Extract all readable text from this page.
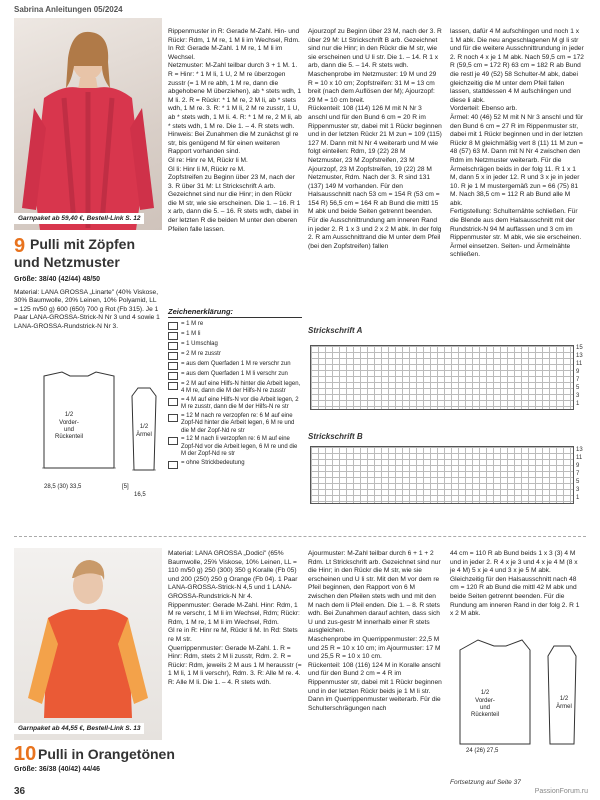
Sabrina Anleitungen 05/2024
Garnpaket ab 59,40 €, Bestell-Link S. 12
9 Pulli mit Zöpfen
und Netzmuster

Größe: 38/40 (42/44) 48/50

Material: LANA GROSSA „Linarte" (40% Viskose, 30% Baumwolle, 20% Leinen, 10% Polyamid, LL = 125 m/50 g) 600 (650) 700 g Rot (Fb 315). Je 1 Paar LANA-GROSSA-Strick-N Nr 3 und 4 sowie 1 LANA-GROSSA-Rundstrick-N Nr 3.

1/2
Vorder-
und
Rückenteil
1/2
Ärmel
28,5 (30) 33,5	[5]
16,5
Rippenmuster in R: Gerade M-Zahl. Hin- und Rückr: Rdm, 1 M re, 1 M li im Wechsel, Rdm. In Rd: Gerade M-Zahl. 1 M re, 1 M li im Wechsel.
Netzmuster: M-Zahl teilbar durch 3 + 1 M. 1. R = Hinr: * 1 M li, 1 U, 2 M re überzogen zusstr (= 1 M re abh, 1 M re, dann die abgehobene M überziehen), ab * stets wdh, 1 M li. 2. R = Rückr: * 1 M re, 2 M li, ab * stets wdh, 1 M re. 3. R: * 1 M li, 2 M re zusstr, 1 U, ab * stets wdh, 1 M li. 4. R: * 1 M re, 2 M li, ab * stets wdh, 1 M re. Die 1. – 4. R stets wdh. Hinweis: Bei Zunahmen die M zunächst gl re str, bis genügend M für einen weiteren Rapport vorhanden sind.
Gl re: Hinr re M, Rückr li M.
Gl li: Hinr li M, Rückr re M.
Zopfstreifen zu Beginn über 23 M, nach der 3. R über 31 M: Lt Strickschrift A arb. Gezeichnet sind nur die Hinr; in den Rückr die M str, wie sie erscheinen. Die 1. – 16. R 1 x arb, dann die 5. – 16. R stets wdh, dabei in der letzten R die beiden M unter den oberen Pfeilen falle lassen.
Zeichenerklärung:
= 1 M re
= 1 M li
= 1 Umschlag
= 2 M re zusstr
= aus dem Querfaden 1 M re verschr zun
= aus dem Querfaden 1 M li verschr zun
= 2 M auf eine Hilfs-N hinter die Arbeit legen, 4 M re, dann die M der Hilfs-N re zusstr
= 4 M auf eine Hilfs-N vor die Arbeit legen, 2 M re zusstr, dann die M der Hilfs-N re str
= 12 M nach re verzopfen re: 6 M auf eine Zopf-Nd hinter die Arbeit legen, 6 M re und die M der Zopf-Nd re str
= 12 M nach li verzopfen re: 6 M auf eine Zopf-Nd vor die Arbeit legen, 6 M re und die M der Zopf-Nd re str
= ohne Strickbedeutung
Ajourzopf zu Beginn über 23 M, nach der 3. R über 29 M: Lt Strickschrift B arb. Gezeichnet sind nur die Hinr; in den Rückr die M str, wie sie erscheinen und U li str. Die 1. – 14. R 1 x arb, dann die 5. – 14. R stets wdh.
Maschenprobe im Netzmuster: 19 M und 29 R = 10 x 10 cm; Zopfstreifen: 31 M = 13 cm breit (nach dem Auflösen der M); Ajourzopf: 29 M = 10 cm breit.
Rückenteil: 108 (114) 126 M mit N Nr 3 anschl und für den Bund 6 cm = 20 R im Rippenmuster str, dabei mit 1 Rückr beginnen und in der letzten Rückr 21 M zun = 109 (115) 127 M. Dann mit N Nr 4 weiterarb und M wie folgt einteilen: Rdm, 19 (22) 28 M Netzmuster, 23 M Zopfstreifen, 23 M Ajourzopf, 23 M Zopfstreifen, 19 (22) 28 M Netzmuster, Rdm. Nach der 3. R sind 131 (137) 149 M vorhanden. Für den Halsausschnitt nach 53 cm = 154 R (53 cm = 154 R) 56,5 cm = 164 R ab Bund die mittl 15 M abk und beide Seiten getrennt beenden. Für die Ausschnittrundung am inneren Rand in jeder 2. R 1 x 3 und 2 x 2 M abk. In der folg 2. R am Ausschnittrand die M unter dem Pfeil (bei den Zopfstreifen) fallen
lassen, dafür 4 M aufschlingen und noch 1 x 1 M abk. Die neu angeschlagenen M gl li str und für die weitere Ausschnittrundung in jeder 2. R noch 4 x je 1 M abk. Nach 59,5 cm = 172 R (59,5 cm = 172 R) 63 cm = 182 R ab Bund die restl je 49 (52) 58 Schulter-M abk, dabei gleichzeitig die M unter dem Pfeil fallen lassen, stattdessen 4 M aufschlingen und diese li abk.
Vorderteil: Ebenso arb.
Ärmel: 40 (46) 52 M mit N Nr 3 anschl und für den Bund 6 cm = 27 R im Rippenmuster str, dabei mit 1 Rückr beginnen und in der letzten Rückr 8 M gleichmäßig vert 8 (11) 11 M zun = 48 (57) 63 M. Dann mit N Nr 4 zwischen den Rdm im Netzmuster weiterarb. Für die Ärmelschrägen beids in der folg 11. R 1 x 1 M, dann 5 x in jeder 12. R und 3 x je in jeder 10. R je 1 M mustergemäß zun = 66 (75) 81 M. Nach 38,5 cm = 112 R ab Bund alle M abk.
Fertigstellung: Schulternähte schließen. Für die Blende aus dem Halsausschnitt mit der Rundstrick-N 94 M auffassen und 3 cm im Rippenmuster str. M abk, wie sie erscheinen. Ärmel einsetzen. Seiten- und Ärmelnähte schließen.
Strickschrift A
15
13
11
9
7
5
3
1
Strickschrift B
13
11
9
7
5
3
1
Garnpaket ab 44,55 €, Bestell-Link S. 13
10 Pulli in Orangetönen
Größe: 36/38 (40/42) 44/46
Material: LANA GROSSA „Dodici" (65% Baumwolle, 25% Viskose, 10% Leinen, LL = 110 m/50 g) 250 (300) 350 g Koralle (Fb 05) und 200 (250) 250 g Orange (Fb 04). 1 Paar LANA-GROSSA-Strick-N 4,5 und 1 LANA-GROSSA-Rundstrick-N Nr 4.
Rippenmuster: Gerade M-Zahl. Hinr: Rdm, 1 M re verschr, 1 M li im Wechsel, Rdm; Rückr: Rdm, 1 M re, 1 M li im Wechsel, Rdm.
Gl re in R: Hinr re M, Rückr li M. In Rd: Stets re M str.
Querrippenmuster: Gerade M-Zahl. 1. R = Hinr: Rdm, stets 2 M li zusstr, Rdm. 2. R = Rückr: Rdm, jeweils 2 M aus 1 M herausstr (= 1 M li, 1 M li verschr), Rdm. 3. R: Alle M re. 4. R: Alle M li. Die 1. – 4. R stets wdh.
Ajourmuster: M-Zahl teilbar durch 6 + 1 + 2 Rdm. Lt Strickschrift arb. Gezeichnet sind nur die Hinr; in den Rückr die M str, wie sie erscheinen und U li str. Mit den M vor dem re Pfeil beginnen, den Rapport von 6 M zwischen den Pfeilen stets wdh und mit den M nach dem li Pfeil enden. Die 1. – 8. R stets wdh. Bei Zunahmen darauf achten, dass sich U und zus-gestr M innerhalb einer R stets ausgleichen.
Maschenprobe im Querrippenmuster: 22,5 M und 25 R = 10 x 10 cm; im Ajourmuster: 17 M und 25,5 R = 10 x 10 cm.
Rückenteil: 108 (116) 124 M in Koralle anschl und für den Bund 2 cm = 4 R im Rippenmuster str, dabei mit 1 Rückr beginnen und in der letzten Rückr beids je 1 M li str. Dann im Querrippenmuster weiterarb. Für die Schulterschrägungen nach
44 cm = 110 R ab Bund beids 1 x 3 (3) 4 M und in jeder 2. R 4 x je 3 und 4 x je 4 M (8 x je 4 M) 5 x je 4 und 3 x je 5 M abk. Gleichzeitig für den Halsausschnitt nach 48 cm = 120 R ab Bund die mittl 42 M abk und beide Seiten getrennt beenden. Für die Rundung am inneren Rand in der folg 2. R 1 x 2 M abk.
1/2
Vorder-
und
Rückenteil
1/2
Ärmel
24 (26) 27,5
Fortsetzung auf Seite 37
36	PassionForum.ru
